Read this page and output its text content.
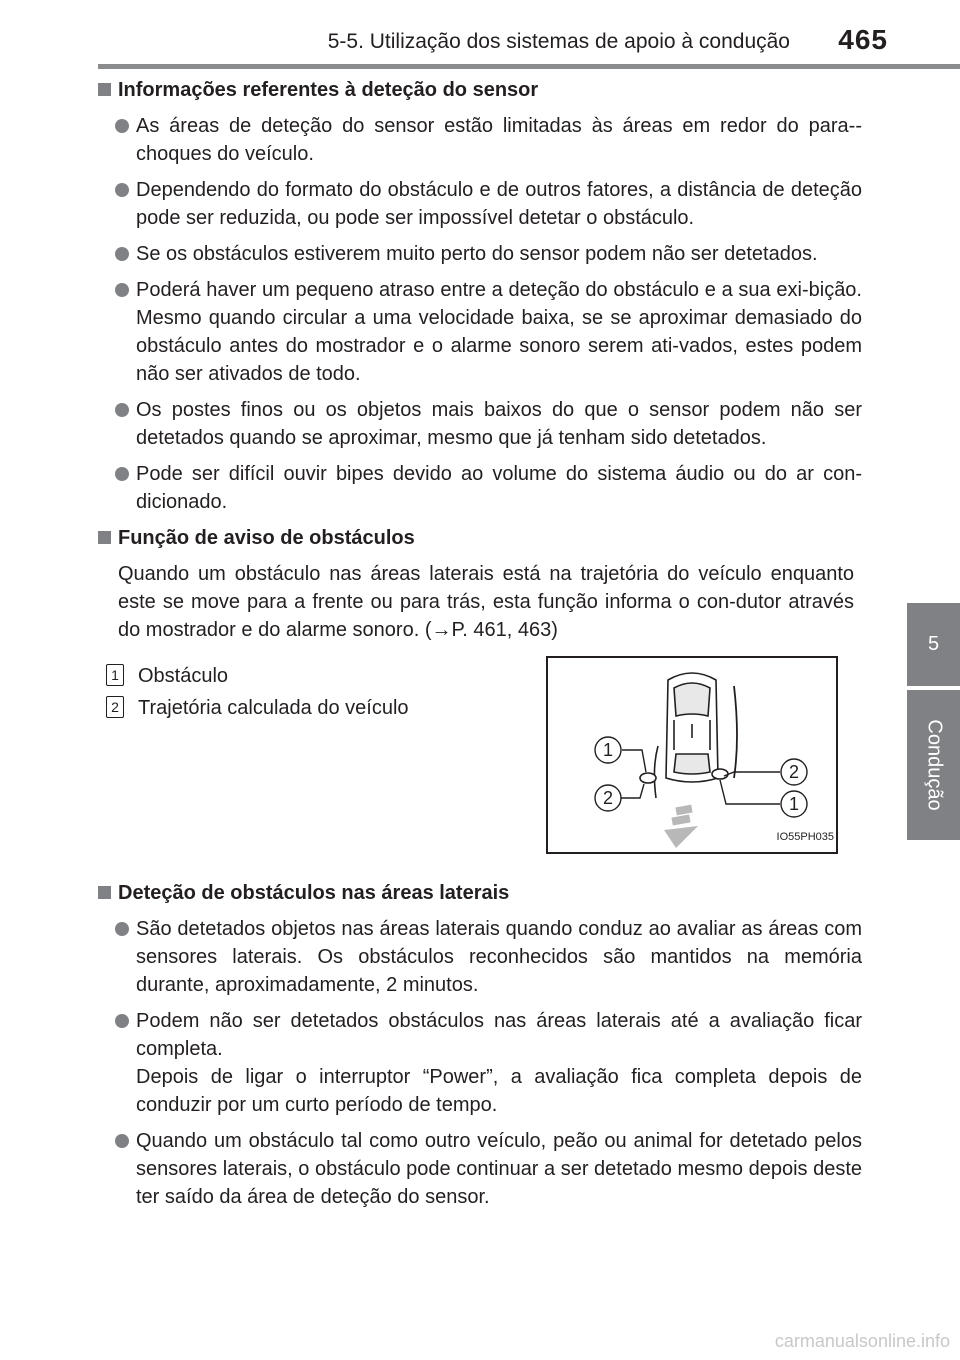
5-5. Utilização dos sistemas de apoio à condução 465
5
Condução
Informações referentes à deteção do sensor
As áreas de deteção do sensor estão limitadas às áreas em redor do para--choques do veículo.
Dependendo do formato do obstáculo e de outros fatores, a distância de deteção pode ser reduzida, ou pode ser impossível detetar o obstáculo.
Se os obstáculos estiverem muito perto do sensor podem não ser detetados.
Poderá haver um pequeno atraso entre a deteção do obstáculo e a sua exi-bição. Mesmo quando circular a uma velocidade baixa, se se aproximar demasiado do obstáculo antes do mostrador e o alarme sonoro serem ati-vados, estes podem não ser ativados de todo.
Os postes finos ou os objetos mais baixos do que o sensor podem não ser detetados quando se aproximar, mesmo que já tenham sido detetados.
Pode ser difícil ouvir bipes devido ao volume do sistema áudio ou do ar con-dicionado.
Função de aviso de obstáculos
Quando um obstáculo nas áreas laterais está na trajetória do veículo enquanto este se move para a frente ou para trás, esta função informa o con-dutor através do mostrador e do alarme sonoro. (→P. 461, 463)
1 Obstáculo
2 Trajetória calculada do veículo
1
2
2	1
IO55PH035
Deteção de obstáculos nas áreas laterais
São detetados objetos nas áreas laterais quando conduz ao avaliar as áreas com sensores laterais. Os obstáculos reconhecidos são mantidos na memória durante, aproximadamente, 2 minutos.
Podem não ser detetados obstáculos nas áreas laterais até a avaliação ficar completa.
Depois de ligar o interruptor “Power”, a avaliação fica completa depois de conduzir por um curto período de tempo.
Quando um obstáculo tal como outro veículo, peão ou animal for detetado pelos sensores laterais, o obstáculo pode continuar a ser detetado mesmo depois deste ter saído da área de deteção do sensor.
carmanualsonline.info
